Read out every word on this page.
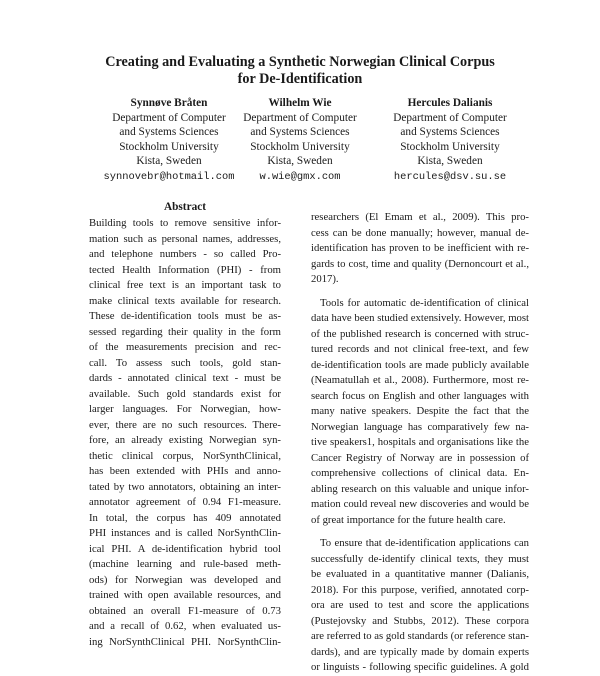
Creating and Evaluating a Synthetic Norwegian Clinical Corpus
for De-Identification
Synnøve Bråten
Department of Computer
and Systems Sciences
Stockholm University
Kista, Sweden
synnovebr@hotmail.com
Wilhelm Wie
Department of Computer
and Systems Sciences
Stockholm University
Kista, Sweden
w.wie@gmx.com
Hercules Dalianis
Department of Computer
and Systems Sciences
Stockholm University
Kista, Sweden
hercules@dsv.su.se
Abstract
Building tools to remove sensitive infor-
mation such as personal names, addresses,
and telephone numbers - so called Pro-
tected Health Information (PHI) - from
clinical free text is an important task to
make clinical texts available for research.
These de-identification tools must be as-
sessed regarding their quality in the form
of the measurements precision and rec-
call. To assess such tools, gold stan-
dards - annotated clinical text - must be
available. Such gold standards exist for
larger languages. For Norwegian, how-
ever, there are no such resources. There-
fore, an already existing Norwegian syn-
thetic clinical corpus, NorSynthClinical,
has been extended with PHIs and anno-
tated by two annotators, obtaining an inter-
annotator agreement of 0.94 F1-measure.
In total, the corpus has 409 annotated
PHI instances and is called NorSynthClin-
ical PHI. A de-identification hybrid tool
(machine learning and rule-based meth-
ods) for Norwegian was developed and
trained with open available resources, and
obtained an overall F1-measure of 0.73
and a recall of 0.62, when evaluated us-
ing NorSynthClinical PHI. NorSynthClin-
researchers (El Emam et al., 2009). This pro-
cess can be done manually; however, manual de-
identification has proven to be inefficient with re-
gards to cost, time and quality (Dernoncourt et al.,
2017).
Tools for automatic de-identification of clinical
data have been studied extensively. However, most
of the published research is concerned with struc-
tured records and not clinical free-text, and few
de-identification tools are made publicly available
(Neamatullah et al., 2008). Furthermore, most re-
search focus on English and other languages with
many native speakers. Despite the fact that the
Norwegian language has comparatively few na-
tive speakers1, hospitals and organisations like the
Cancer Registry of Norway are in possession of
comprehensive collections of clinical data. En-
abling research on this valuable and unique infor-
mation could reveal new discoveries and would be
of great importance for the future health care.
To ensure that de-identification applications can
successfully de-identify clinical texts, they must
be evaluated in a quantitative manner (Dalianis,
2018). For this purpose, verified, annotated corp-
ora are used to test and score the applications
(Pustejovsky and Stubbs, 2012). These corpora
are referred to as gold standards (or reference stan-
dards), and are typically made by domain experts
or linguists - following specific guidelines. A gold
